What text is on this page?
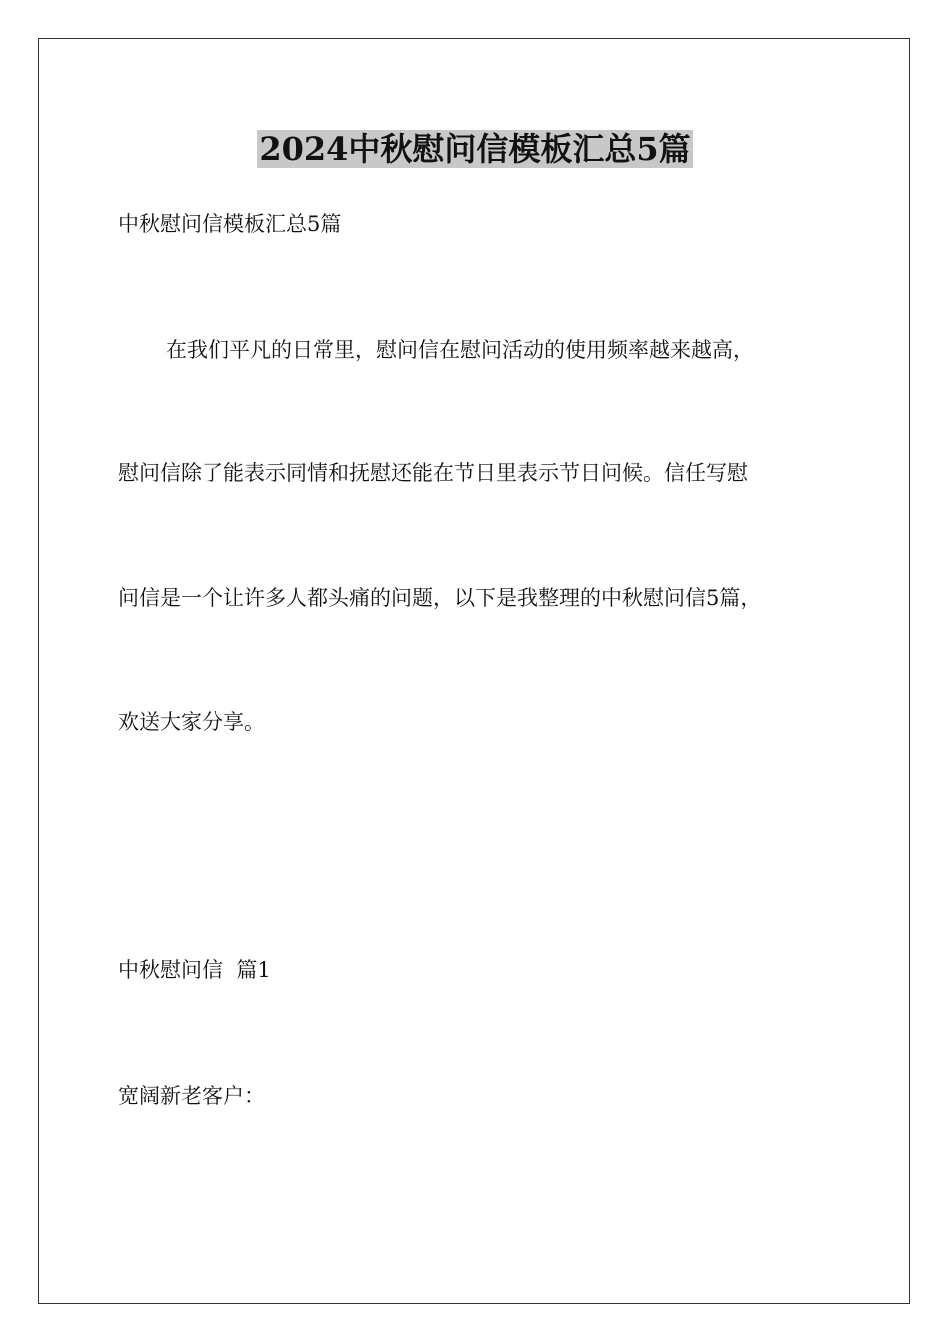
2024中秋慰问信模板汇总5篇
中秋慰问信模板汇总5篇
在我们平凡的日常里，慰问信在慰问活动的使用频率越来越高，
慰问信除了能表示同情和抚慰还能在节日里表示节日问候。信任写慰
问信是一个让许多人都头痛的问题，以下是我整理的中秋慰问信5篇，
欢送大家分享。
中秋慰问信  篇1
宽阔新老客户：
